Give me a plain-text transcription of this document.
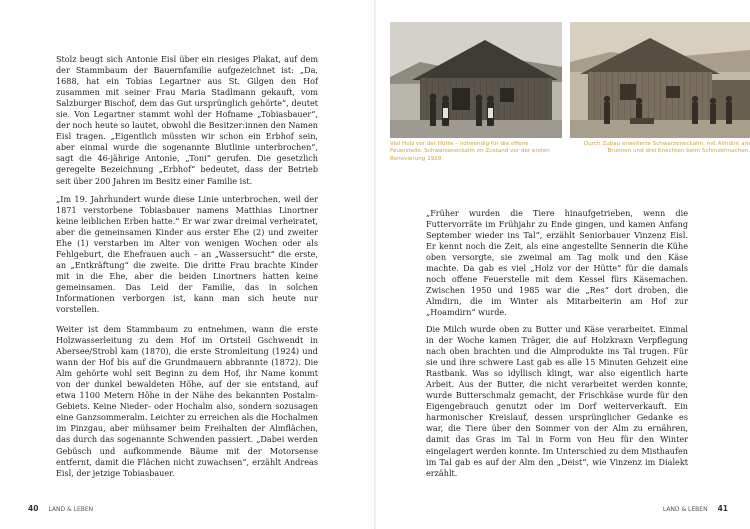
Stolz beugt sich Antonie Eisl über ein riesiges Plakat, auf dem der Stammbaum der Bauernfamilie aufgezeichnet ist: „Da, 1688, hat ein Tobias Legartner aus St. Gilgen den Hof zusammen mit seiner Frau Maria Stadlmann gekauft, vom Salzburger Bischof, dem das Gut ursprünglich gehörte“, deutet sie. Von Legartner stammt wohl der Hofname „Tobiasbauer“, der noch heute so lautet, obwohl die Besitzer:innen den Namen Eisl tragen. „Eigentlich müssten wir schon ein Erbhof sein, aber einmal wurde die sogenannte Blutlinie unterbrochen“, sagt die 46-jährige Antonie, „Toni“ gerufen. Die gesetzlich geregelte Bezeichnung „Erbhof“ bedeutet, dass der Betrieb seit über 200 Jahren im Besitz einer Familie ist.

„Im 19. Jahrhundert wurde diese Linie unterbrochen, weil der 1871 verstorbene Tobiasbauer namens Matthias Linortner keine leiblichen Erben hatte.“ Er war zwar dreimal verheiratet, aber die gemeinsamen Kinder aus erster Ehe (2) und zweiter Ehe (1) verstarben im Alter von wenigen Wochen oder als Fehlgeburt, die Ehefrauen auch – an „Wassersucht“ die erste, an „Entkräftung“ die zweite. Die dritte Frau brachte Kinder mit in die Ehe, aber die beiden Linortners hatten keine gemeinsamen. Das Leid der Familie, das in solchen Informationen verborgen ist, kann man sich heute nur vorstellen.

Weiter ist dem Stammbaum zu entnehmen, wann die erste Holzwasserleitung zu dem Hof im Ortsteil Gschwendt in Abersee/Strobl kam (1870), die erste Stromleitung (1924) und wann der Hof bis auf die Grundmauern abbrannte (1872). Die Alm gehörte wohl seit Beginn zu dem Hof, ihr Name kommt von der dunkel bewaldeten Höhe, auf der sie entstand, auf etwa 1100 Metern Höhe in der Nähe des bekannten Postalm-Gebiets. Keine Nieder- oder Hochalm also, sondern sozusagen eine Ganzsommeralm. Leichter zu erreichen als die Hochalmen im Pinzgau, aber mühsamer beim Freihalten der Almflächen, das durch das sogenannte Schwenden passiert. „Dabei werden Gebüsch und aufkommende Bäume mit der Motorsense entfernt, damit die Flächen nicht zuwachsen“, erzählt Andreas Eisl, der jetzige Tobiasbauer.

Viel Holz vor der Hütte – notwendig für die offene Feuerstelle. Schwarzeneckalm im Zustand vor der ersten Renovierung 1929.

Durch Zubau erweiterte Schwarzeneckalm, mit Almdirn am Brunnen und drei Knechten beim Schindelmachen.

„Früher wurden die Tiere hinaufgetrieben, wenn die Futtervorräte im Frühjahr zu Ende gingen, und kamen Anfang September wieder ins Tal“, erzählt Seniorbauer Vinzenz Eisl. Er kennt noch die Zeit, als eine angestellte Sennerin die Kühe oben versorgte, sie zweimal am Tag molk und den Käse machte. Da gab es viel „Holz vor der Hütte“ für die damals noch offene Feuerstelle mit dem Kessel fürs Käsemachen. Zwischen 1950 und 1985 war die „Res“ dort droben, die Almdirn, die im Winter als Mitarbeiterin am Hof zur „Hoamdirn“ wurde.

Die Milch wurde oben zu Butter und Käse verarbeitet. Einmal in der Woche kamen Träger, die auf Holzkraxn Verpflegung nach oben brachten und die Almprodukte ins Tal trugen. Für sie und ihre schwere Last gab es alle 15 Minuten Gehzeit eine Rastbank. Was so idyllisch klingt, war also eigentlich harte Arbeit. Aus der Butter, die nicht verarbeitet werden konnte, wurde Butterschmalz gemacht, der Frischkäse wurde für den Eigengebrauch genutzt oder im Dorf weiterverkauft. Ein harmonischer Kreislauf, dessen ursprünglicher Gedanke es war, die Tiere über den Sommer von der Alm zu ernähren, damit das Gras im Tal in Form von Heu für den Winter eingelagert werden konnte. Im Unterschied zu dem Misthaufen im Tal gab es auf der Alm den „Deist“, wie Vinzenz im Dialekt erzählt.

40 LAND & LEBEN	LAND & LEBEN 41
